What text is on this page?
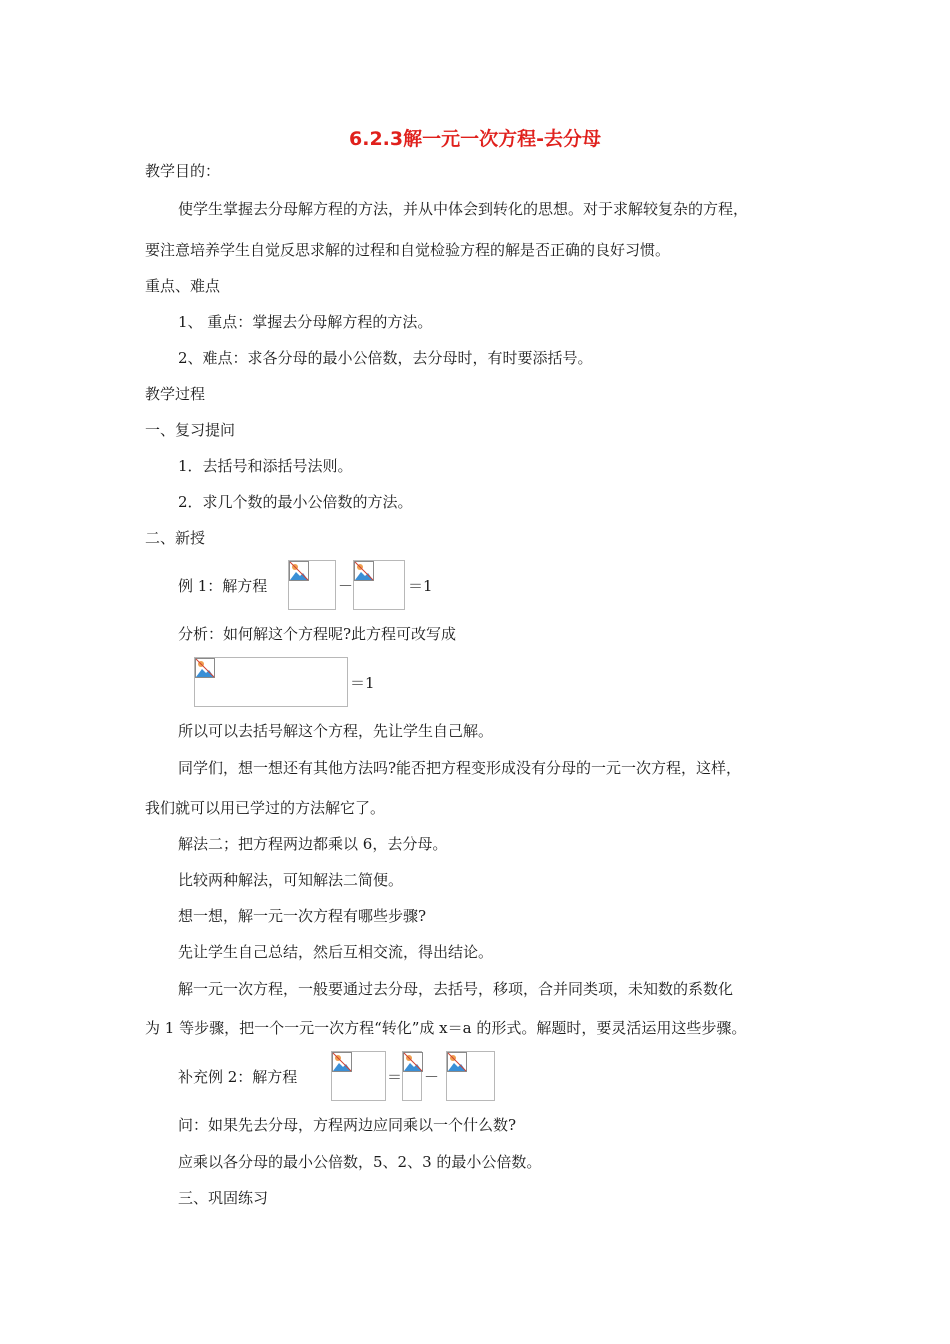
6.2.3解一元一次方程-去分母
教学目的：
使学生掌握去分母解方程的方法，并从中体会到转化的思想。对于求解较复杂的方程，
要注意培养学生自觉反思求解的过程和自觉检验方程的解是否正确的良好习惯。
重点、难点
1、 重点：掌握去分母解方程的方法。
2、难点：求各分母的最小公倍数，去分母时，有时要添括号。
教学过程
一、复习提问
1．去括号和添括号法则。
2．求几个数的最小公倍数的方法。
二、新授
例 1：解方程	－	＝1
分析：如何解这个方程呢?此方程可改写成
＝1
所以可以去括号解这个方程，先让学生自己解。
同学们，想一想还有其他方法吗?能否把方程变形成没有分母的一元一次方程，这样，
我们就可以用已学过的方法解它了。
解法二；把方程两边都乘以 6，去分母。
比较两种解法，可知解法二简便。
想一想，解一元一次方程有哪些步骤?
先让学生自己总结，然后互相交流，得出结论。
解一元一次方程，一般要通过去分母，去括号，移项，合并同类项，未知数的系数化
为 1 等步骤，把一个一元一次方程“转化”成 x＝a 的形式。解题时，要灵活运用这些步骤。
补充例 2：解方程	＝ －
问：如果先去分母，方程两边应同乘以一个什么数?
应乘以各分母的最小公倍数，5、2、3 的最小公倍数。
三、巩固练习
